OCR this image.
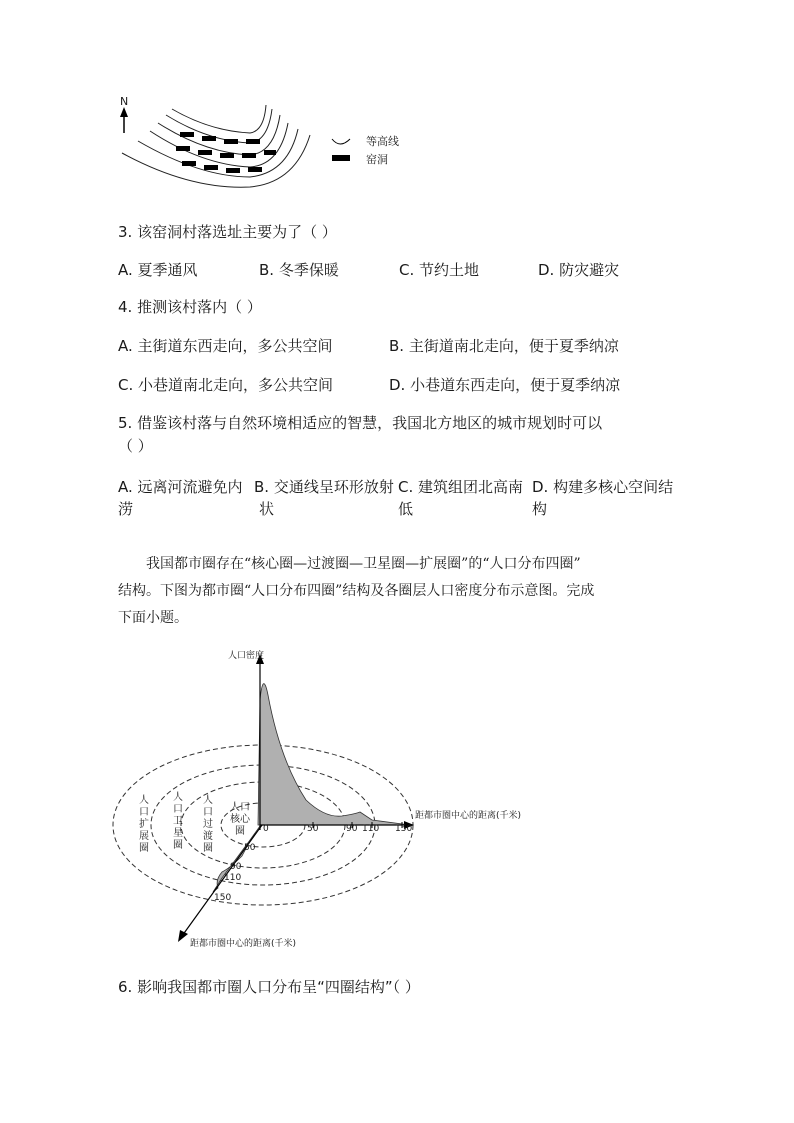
N
等高线
窑洞
3. 该窑洞村落选址主要为了（ ）
A. 夏季通风	B. 冬季保暖	C. 节约土地	D. 防灾避灾
4. 推测该村落内（ ）
A. 主街道东西走向，多公共空间	B. 主街道南北走向，便于夏季纳凉
C. 小巷道南北走向，多公共空间	D. 小巷道东西走向，便于夏季纳凉
5. 借鉴该村落与自然环境相适应的智慧，我国北方地区的城市规划时可以
（ ）
A. 远离河流避免内
涝
B. 交通线呈环形放射
状
C. 建筑组团北高南
低
D. 构建多核心空间结
构
我国都市圈存在“核心圈—过渡圈—卫星圈—扩展圈”的“人口分布四圈”
结构。下图为都市圈“人口分布四圈”结构及各圈层人口密度分布示意图。完成
下面小题。
人口密度
距都市圈中心的距离(千米)
距都市圈中心的距离(千米)
0	50	90 110 150
50
90
110
150
人口扩展圈
人口卫星圈
人口过渡圈
人口核心圈
6. 影响我国都市圈人口分布呈“四圈结构”（ ）
